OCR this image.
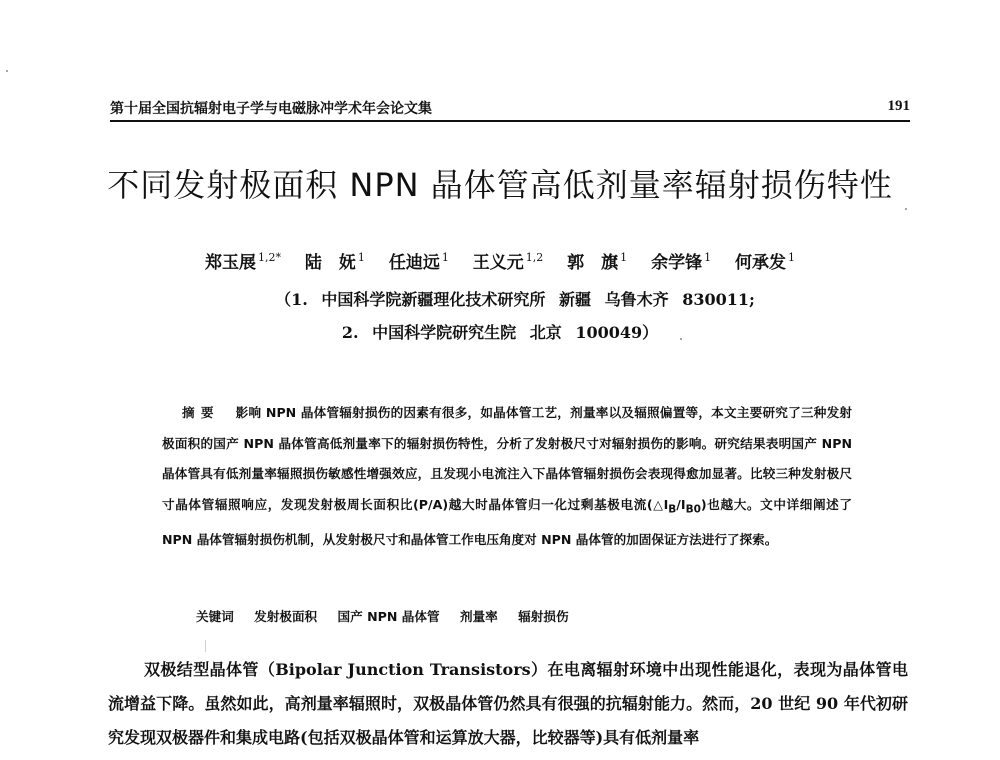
第十届全国抗辐射电子学与电磁脉冲学术年会论文集	191
不同发射极面积 NPN 晶体管高低剂量率辐射损伤特性
郑玉展 $^{1,2*}$ 陆　妩 $^1$ 任迪远 $^1$ 王义元 $^{1,2}$ 郭　旗 $^1$ 余学锋 $^1$ 何承发 $^1$
（1. 中国科学院新疆理化技术研究所 新疆 乌鲁木齐 830011;
2. 中国科学院研究生院 北京 100049）
摘要 影响 NPN 晶体管辐射损伤的因素有很多，如晶体管工艺，剂量率以及辐照偏置等，本文主要研究了三种发射极面积的国产 NPN 晶体管高低剂量率下的辐射损伤特性，分析了发射极尺寸对辐射损伤的影响。研究结果表明国产 NPN 晶体管具有低剂量率辐照损伤敏感性增强效应，且发现小电流注入下晶体管辐射损伤会表现得愈加显著。比较三种发射极尺寸晶体管辐照响应，发现发射极周长面积比(P/A)越大时晶体管归一化过剩基极电流$(\triangle I_B/I_{B0})$也越大。文中详细阐述了 NPN 晶体管辐射损伤机制，从发射极尺寸和晶体管工作电压角度对 NPN 晶体管的加固保证方法进行了探索。
关键词 发射极面积 国产 NPN 晶体管 剂量率 辐射损伤
双极结型晶体管（Bipolar Junction Transistors）在电离辐射环境中出现性能退化，表现为晶体管电流增益下降。虽然如此，高剂量率辐照时，双极晶体管仍然具有很强的抗辐射能力。然而，20 世纪 90 年代初研究发现双极器件和集成电路(包括双极晶体管和运算放大器，比较器等)具有低剂量率
